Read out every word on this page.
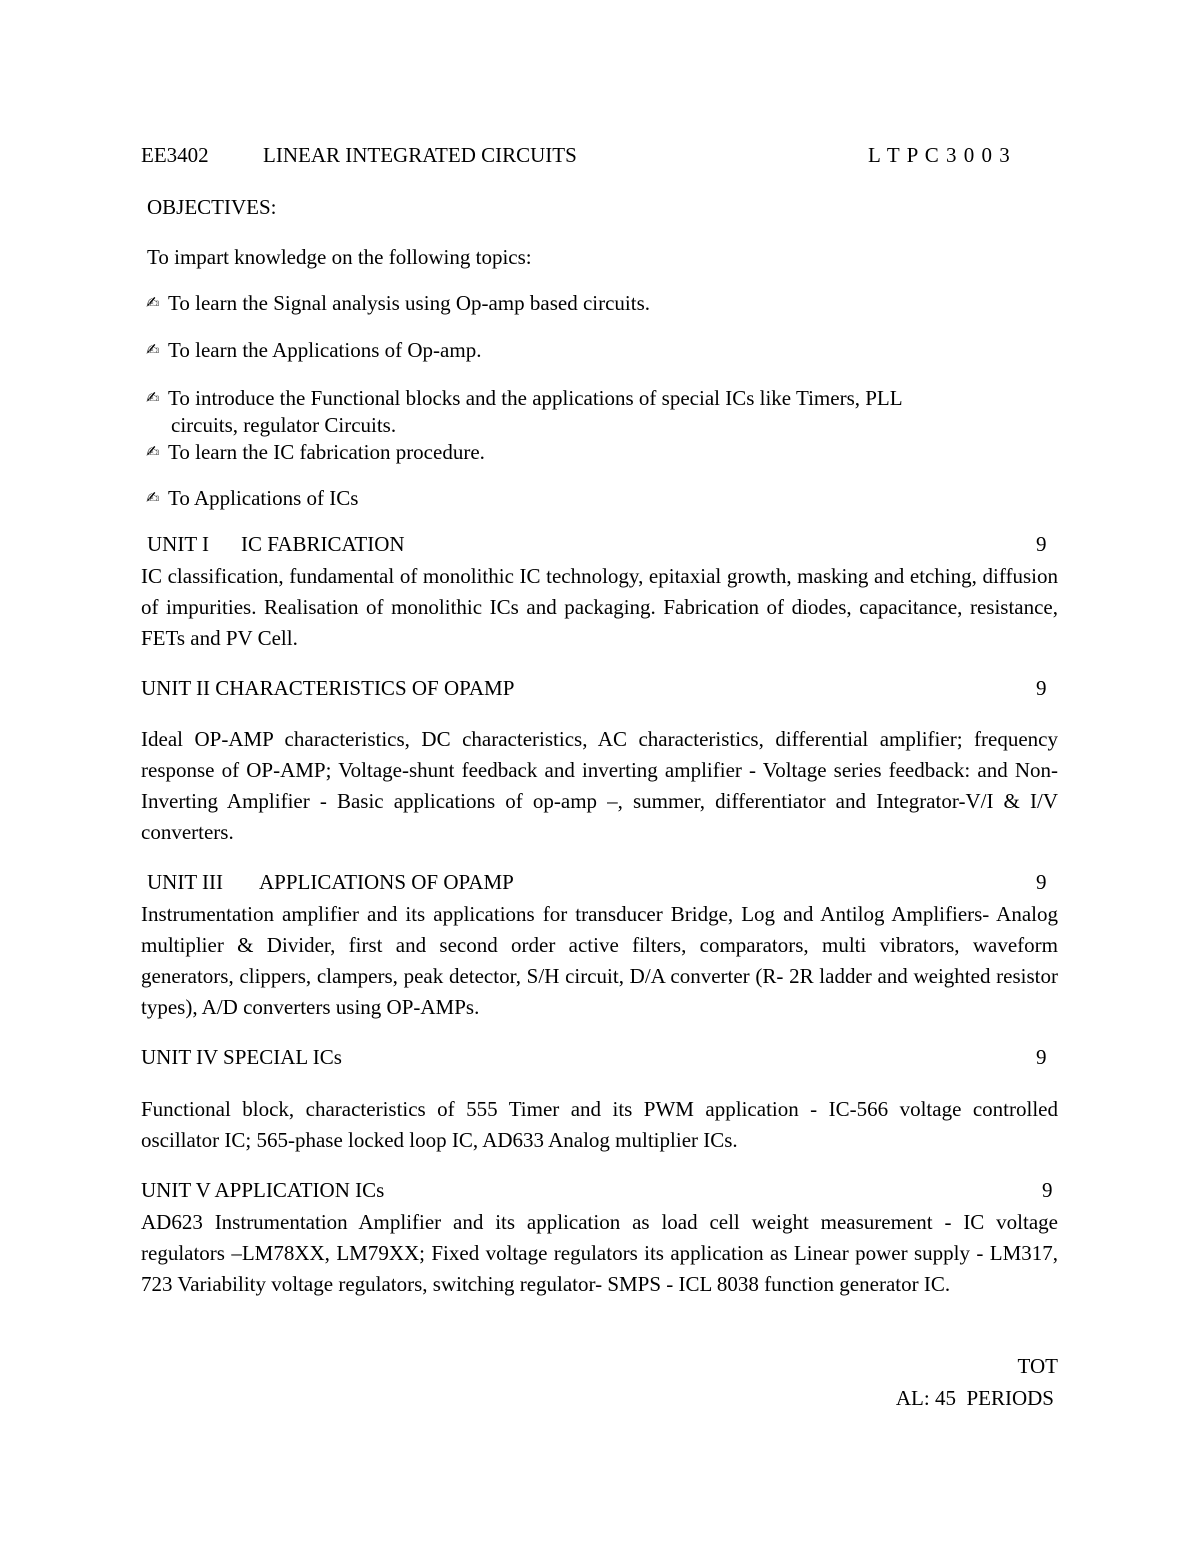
EE3402	LINEAR INTEGRATED CIRCUITS	L T P C 3 0 0 3
OBJECTIVES:
To impart knowledge on the following topics:
✍ To learn the Signal analysis using Op-amp based circuits.
✍ To learn the Applications of Op-amp.
✍ To introduce the Functional blocks and the applications of special ICs like Timers, PLL
circuits, regulator Circuits.
✍ To learn the IC fabrication procedure.
✍ To Applications of ICs
UNIT I IC FABRICATION	9
IC classification, fundamental of monolithic IC technology, epitaxial growth, masking and etching, diffusion of impurities. Realisation of monolithic ICs and packaging. Fabrication of diodes, capacitance, resistance, FETs and PV Cell.
UNIT II CHARACTERISTICS OF OPAMP	9
Ideal OP-AMP characteristics, DC characteristics, AC characteristics, differential amplifier; frequency response of OP-AMP; Voltage-shunt feedback and inverting amplifier - Voltage series feedback: and Non-Inverting Amplifier - Basic applications of op-amp –, summer, differentiator and Integrator-V/I & I/V converters.
UNIT III APPLICATIONS OF OPAMP	9
Instrumentation amplifier and its applications for transducer Bridge, Log and Antilog Amplifiers- Analog multiplier & Divider, first and second order active filters, comparators, multi vibrators, waveform generators, clippers, clampers, peak detector, S/H circuit, D/A converter (R- 2R ladder and weighted resistor types), A/D converters using OP-AMPs.
UNIT IV SPECIAL ICs	9
Functional block, characteristics of 555 Timer and its PWM application - IC-566 voltage controlled oscillator IC; 565-phase locked loop IC, AD633 Analog multiplier ICs.
UNIT V APPLICATION ICs	9
AD623 Instrumentation Amplifier and its application as load cell weight measurement - IC voltage regulators –LM78XX, LM79XX; Fixed voltage regulators its application as Linear power supply - LM317, 723 Variability voltage regulators, switching regulator- SMPS - ICL 8038 function generator IC.
TOT
AL: 45  PERIODS
